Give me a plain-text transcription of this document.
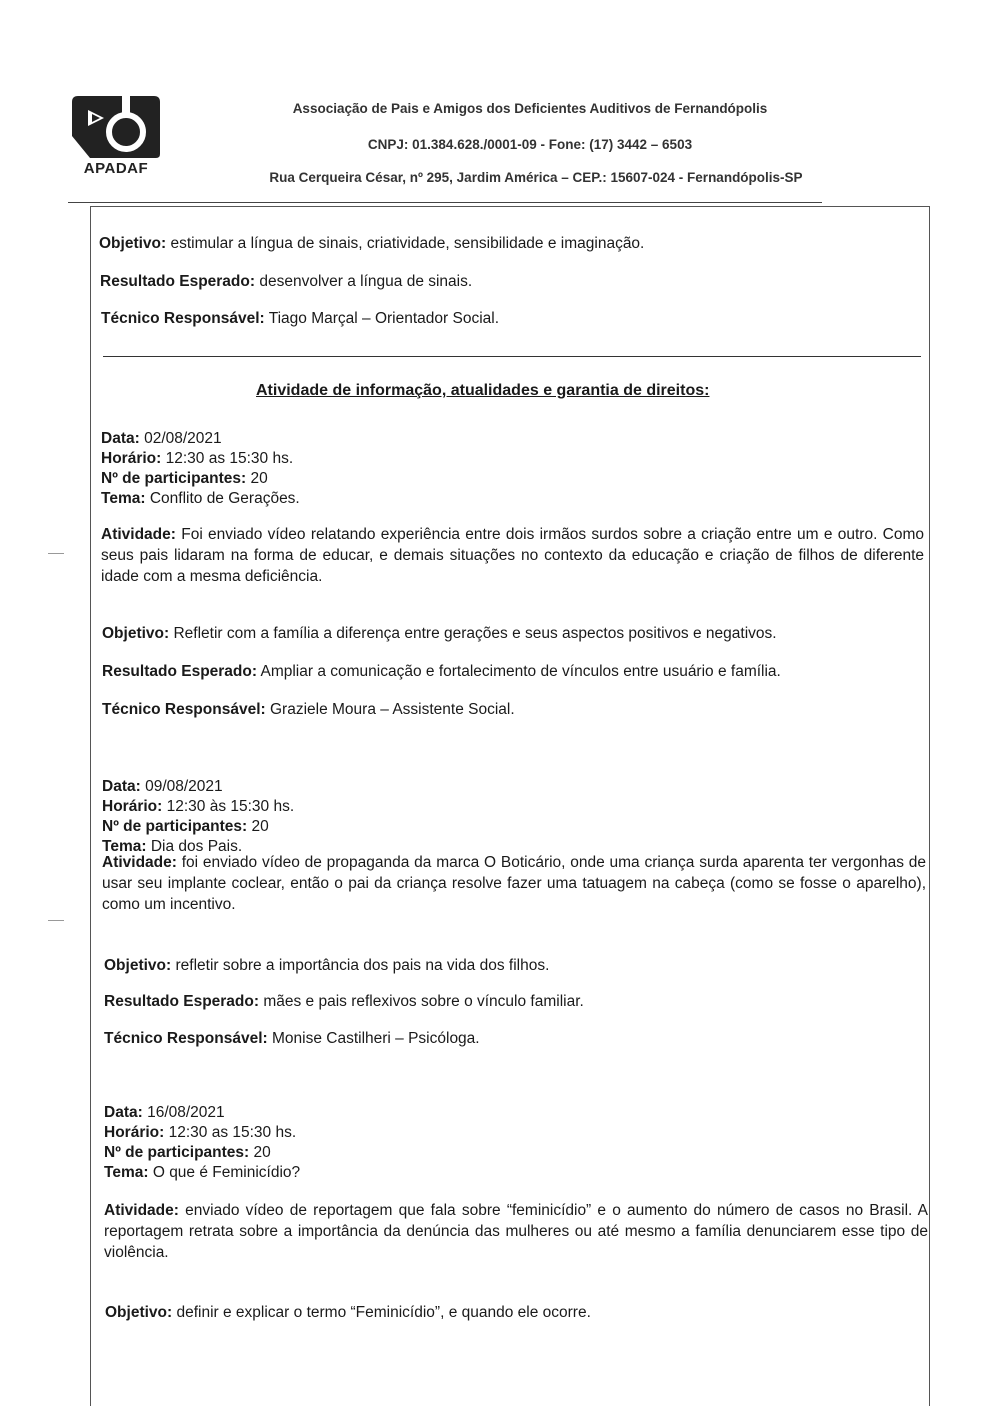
APADAF
Associação de Pais e Amigos dos Deficientes Auditivos de Fernandópolis
CNPJ: 01.384.628./0001-09 - Fone: (17) 3442 – 6503
Rua Cerqueira César, nº 295, Jardim América – CEP.: 15607-024 - Fernandópolis-SP
Objetivo: estimular a língua de sinais, criatividade, sensibilidade e imaginação.
Resultado Esperado: desenvolver a língua de sinais.
Técnico Responsável: Tiago Marçal – Orientador Social.
Atividade de informação, atualidades e garantia de direitos:
Data: 02/08/2021
Horário: 12:30 as 15:30 hs.
Nº de participantes: 20
Tema: Conflito de Gerações.
Atividade: Foi enviado vídeo relatando experiência entre dois irmãos surdos sobre a criação entre um e outro. Como seus pais lidaram na forma de educar, e demais situações no contexto da educação e criação de filhos de diferente idade com a mesma deficiência.
Objetivo: Refletir com a família a diferença entre gerações e seus aspectos positivos e negativos.
Resultado Esperado: Ampliar a comunicação e fortalecimento de vínculos entre usuário e família.
Técnico Responsável: Graziele Moura – Assistente Social.
Data: 09/08/2021
Horário: 12:30 às 15:30 hs.
Nº de participantes: 20
Tema: Dia dos Pais.
Atividade: foi enviado vídeo de propaganda da marca O Boticário, onde uma criança surda aparenta ter vergonhas de usar seu implante coclear, então o pai da criança resolve fazer uma tatuagem na cabeça (como se fosse o aparelho), como um incentivo.
Objetivo: refletir sobre a importância dos pais na vida dos filhos.
Resultado Esperado: mães e pais reflexivos sobre o vínculo familiar.
Técnico Responsável: Monise Castilheri – Psicóloga.
Data: 16/08/2021
Horário: 12:30 as 15:30 hs.
Nº de participantes: 20
Tema: O que é Feminicídio?
Atividade: enviado vídeo de reportagem que fala sobre “feminicídio” e o aumento do número de casos no Brasil. A reportagem retrata sobre a importância da denúncia das mulheres ou até mesmo a família denunciarem esse tipo de violência.
Objetivo: definir e explicar o termo “Feminicídio”, e quando ele ocorre.
